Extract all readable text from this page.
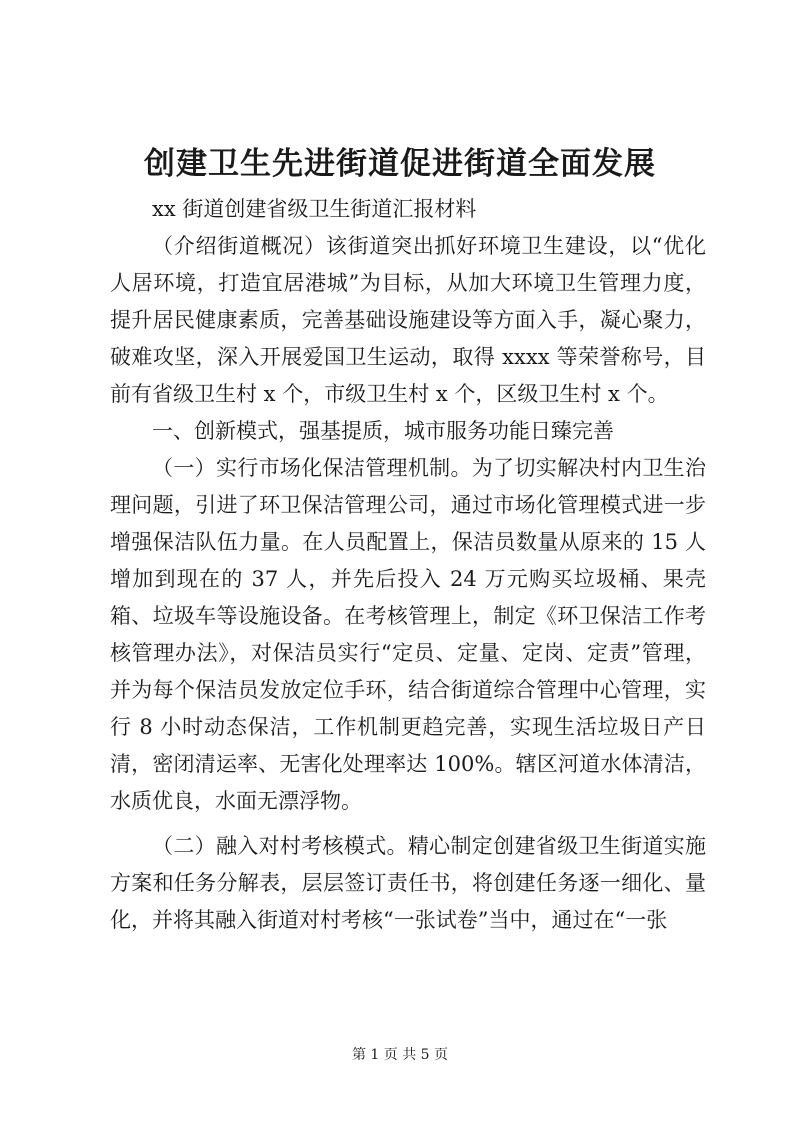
创建卫生先进街道促进街道全面发展

xx 街道创建省级卫生街道汇报材料

（介绍街道概况）该街道突出抓好环境卫生建设，以“优化人居环境，打造宜居港城”为目标，从加大环境卫生管理力度，提升居民健康素质，完善基础设施建设等方面入手，凝心聚力，破难攻坚，深入开展爱国卫生运动，取得 xxxx 等荣誉称号，目前有省级卫生村 x 个，市级卫生村 x 个，区级卫生村 x 个。

一、创新模式，强基提质，城市服务功能日臻完善

（一）实行市场化保洁管理机制。为了切实解决村内卫生治理问题，引进了环卫保洁管理公司，通过市场化管理模式进一步增强保洁队伍力量。在人员配置上，保洁员数量从原来的 15 人增加到现在的 37 人，并先后投入 24 万元购买垃圾桶、果壳箱、垃圾车等设施设备。在考核管理上，制定《环卫保洁工作考核管理办法》，对保洁员实行“定员、定量、定岗、定责”管理，并为每个保洁员发放定位手环，结合街道综合管理中心管理，实行 8 小时动态保洁，工作机制更趋完善，实现生活垃圾日产日清，密闭清运率、无害化处理率达 100%。辖区河道水体清洁，水质优良，水面无漂浮物。

（二）融入对村考核模式。精心制定创建省级卫生街道实施方案和任务分解表，层层签订责任书，将创建任务逐一细化、量化，并将其融入街道对村考核“一张试卷”当中，通过在“一张

第 1 页 共 5 页
